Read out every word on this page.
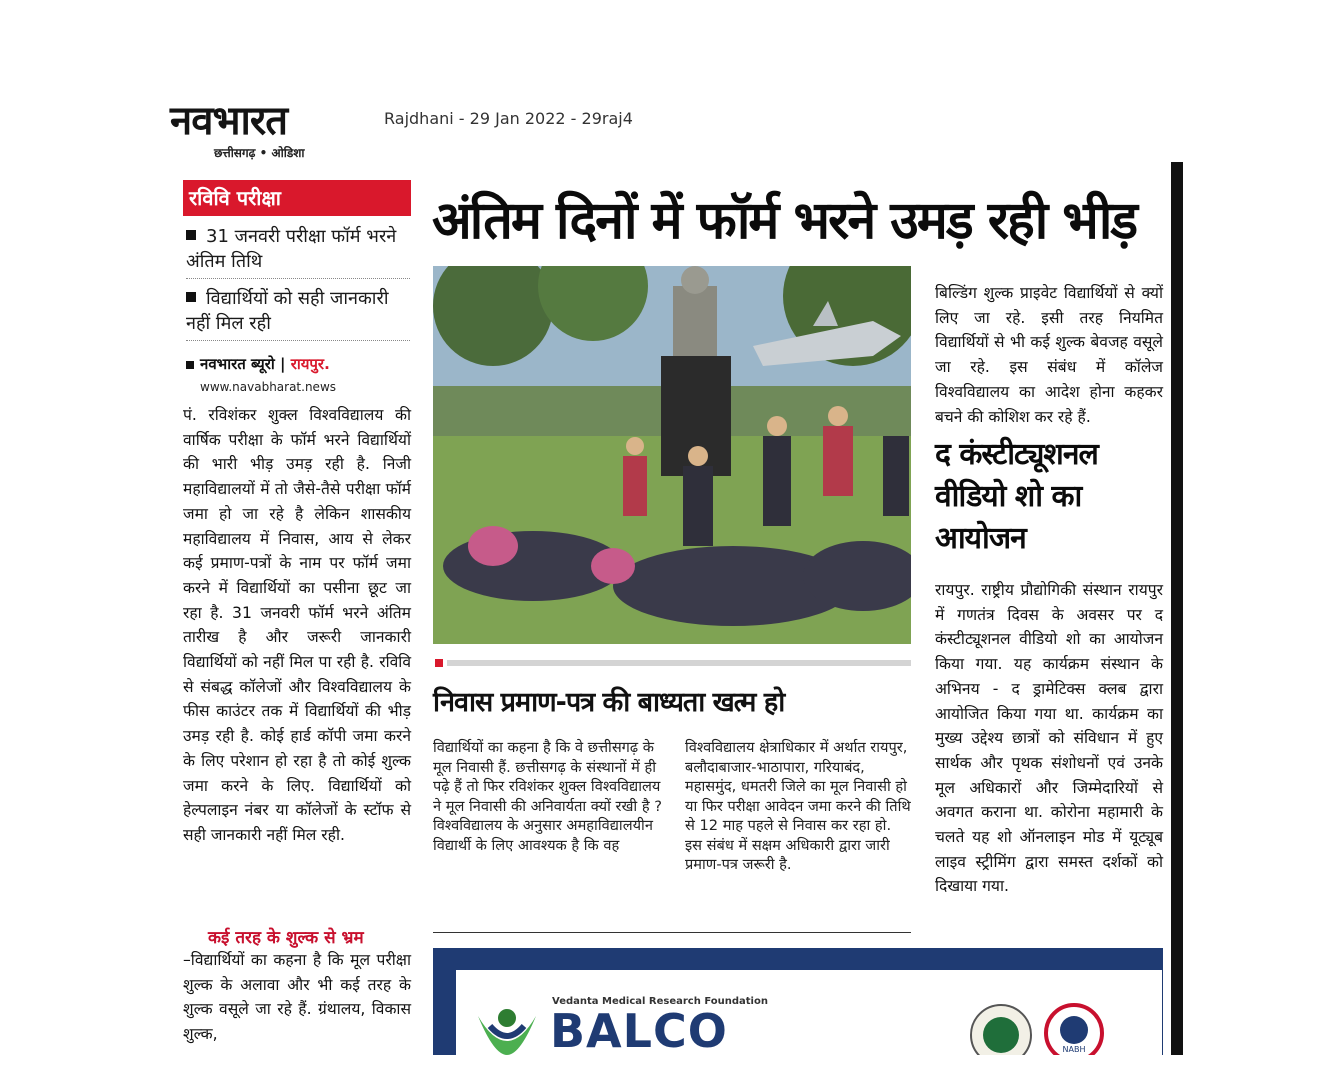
नवभारत
छत्तीसगढ़ • ओडिशा
Rajdhani - 29 Jan 2022 - 29raj4
रविवि परीक्षा
31 जनवरी परीक्षा फॉर्म भरने अंतिम तिथि
विद्यार्थियों को सही जानकारी नहीं मिल रही
नवभारत ब्यूरो | रायपुर.
www.navabharat.news
पं. रविशंकर शुक्ल विश्वविद्यालय की वार्षिक परीक्षा के फॉर्म भरने विद्यार्थियों की भारी भीड़ उमड़ रही है. निजी महाविद्यालयों में तो जैसे-तैसे परीक्षा फॉर्म जमा हो जा रहे है लेकिन शासकीय महाविद्यालय में निवास, आय से लेकर कई प्रमाण-पत्रों के नाम पर फॉर्म जमा करने में विद्यार्थियों का पसीना छूट जा रहा है. 31 जनवरी फॉर्म भरने अंतिम तारीख है और जरूरी जानकारी विद्यार्थियों को नहीं मिल पा रही है. रविवि से संबद्ध कॉलेजों और विश्वविद्यालय के फीस काउंटर तक में विद्यार्थियों की भीड़ उमड़ रही है. कोई हार्ड कॉपी जमा करने के लिए परेशान हो रहा है तो कोई शुल्क जमा करने के लिए. विद्यार्थियों को हेल्पलाइन नंबर या कॉलेजों के स्टॉफ से सही जानकारी नहीं मिल रही.
कई तरह के शुल्क से भ्रम
–विद्यार्थियों का कहना है कि मूल परीक्षा शुल्क के अलावा और भी कई तरह के शुल्क वसूले जा रहे हैं. ग्रंथालय, विकास शुल्क,
अंतिम दिनों में फॉर्म भरने उमड़ रही भीड़
निवास प्रमाण-पत्र की बाध्यता खत्म हो
विद्यार्थियों का कहना है कि वे छत्तीसगढ़ के मूल निवासी हैं. छत्तीसगढ़ के संस्थानों में ही पढ़े हैं तो फिर रविशंकर शुक्ल विश्वविद्यालय ने मूल निवासी की अनिवार्यता क्यों रखी है ? विश्वविद्यालय के अनुसार अमहाविद्यालयीन विद्यार्थी के लिए आवश्यक है कि वह
विश्वविद्यालय क्षेत्राधिकार में अर्थात रायपुर, बलौदाबाजार-भाठापारा, गरियाबंद, महासमुंद, धमतरी जिले का मूल निवासी हो या फिर परीक्षा आवेदन जमा करने की तिथि से 12 माह पहले से निवास कर रहा हो. इस संबंध में सक्षम अधिकारी द्वारा जारी प्रमाण-पत्र जरूरी है.
बिल्डिंग शुल्क प्राइवेट विद्यार्थियों से क्यों लिए जा रहे. इसी तरह नियमित विद्यार्थियों से भी कई शुल्क बेवजह वसूले जा रहे. इस संबंध में कॉलेज विश्वविद्यालय का आदेश होना कहकर बचने की कोशिश कर रहे हैं.
द कंस्टीट्यूशनल वीडियो शो का आयोजन
रायपुर. राष्ट्रीय प्रौद्योगिकी संस्थान रायपुर में गणतंत्र दिवस के अवसर पर द कंस्टीट्यूशनल वीडियो शो का आयोजन किया गया. यह कार्यक्रम संस्थान के अभिनय - द ड्रामेटिक्स क्लब द्वारा आयोजित किया गया था. कार्यक्रम का मुख्य उद्देश्य छात्रों को संविधान में हुए सार्थक और पृथक संशोधनों एवं उनके मूल अधिकारों और जिम्मेदारियों से अवगत कराना था. कोरोना महामारी के चलते यह शो ऑनलाइन मोड में यूट्यूब लाइव स्ट्रीमिंग द्वारा समस्त दर्शकों को दिखाया गया.
Vedanta Medical Research Foundation
BALCO	NABH
